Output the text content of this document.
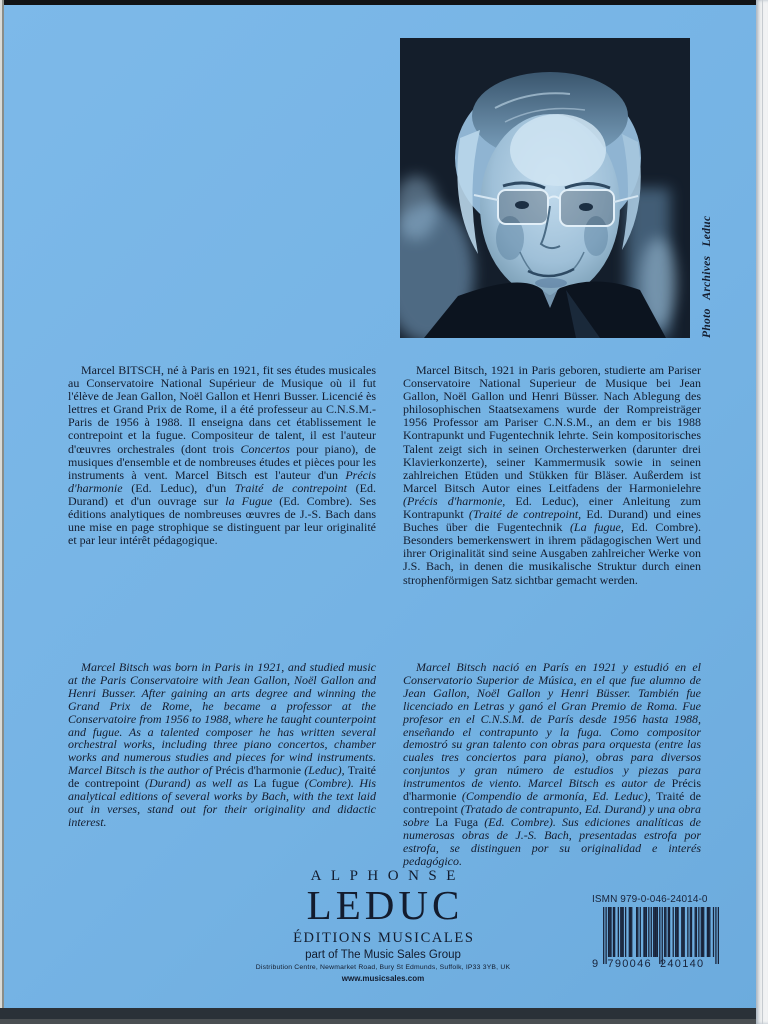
Photo Archives Leduc

Marcel BITSCH, né à Paris en 1921, fit ses études musicales au Conservatoire National Supérieur de Musique où il fut l'élève de Jean Gallon, Noël Gallon et Henri Busser. Licencié ès lettres et Grand Prix de Rome, il a été professeur au C.N.S.M.-Paris de 1956 à 1988. Il enseigna dans cet établissement le contrepoint et la fugue. Compositeur de talent, il est l'auteur d'œuvres orchestrales (dont trois Concertos pour piano), de musiques d'ensemble et de nombreuses études et pièces pour les instruments à vent. Marcel Bitsch est l'auteur d'un Précis d'harmonie (Ed. Leduc), d'un Traité de contrepoint (Ed. Durand) et d'un ouvrage sur la Fugue (Ed. Combre). Ses éditions analytiques de nombreuses œuvres de J.-S. Bach dans une mise en page strophique se distinguent par leur originalité et par leur intérêt pédagogique.

Marcel Bitsch, 1921 in Paris geboren, studierte am Pariser Conservatoire National Superieur de Musique bei Jean Gallon, Noël Gallon und Henri Büsser. Nach Ablegung des philosophischen Staatsexamens wurde der Rompreisträger 1956 Professor am Pariser C.N.S.M., an dem er bis 1988 Kontrapunkt und Fugentechnik lehrte. Sein kompositorisches Talent zeigt sich in seinen Orchesterwerken (darunter drei Klavierkonzerte), seiner Kammermusik sowie in seinen zahlreichen Etüden und Stükken für Bläser. Außerdem ist Marcel Bitsch Autor eines Leitfadens der Harmonielehre (Précis d'harmonie, Ed. Leduc), einer Anleitung zum Kontrapunkt (Traité de contrepoint, Ed. Durand) und eines Buches über die Fugentechnik (La fugue, Ed. Combre). Besonders bemerkenswert in ihrem pädagogischen Wert und ihrer Originalität sind seine Ausgaben zahlreicher Werke von J.S. Bach, in denen die musikalische Struktur durch einen strophenförmigen Satz sichtbar gemacht werden.

Marcel Bitsch was born in Paris in 1921, and studied music at the Paris Conservatoire with Jean Gallon, Noël Gallon and Henri Busser. After gaining an arts degree and winning the Grand Prix de Rome, he became a professor at the Conservatoire from 1956 to 1988, where he taught counterpoint and fugue. As a talented composer he has written several orchestral works, including three piano concertos, chamber works and numerous studies and pieces for wind instruments. Marcel Bitsch is the author of Précis d'harmonie (Leduc), Traité de contrepoint (Durand) as well as La fugue (Combre). His analytical editions of several works by Bach, with the text laid out in verses, stand out for their originality and didactic interest.

Marcel Bitsch nació en París en 1921 y estudió en el Conservatorio Superior de Música, en el que fue alumno de Jean Gallon, Noël Gallon y Henri Büsser. También fue licenciado en Letras y ganó el Gran Premio de Roma. Fue profesor en el C.N.S.M. de París desde 1956 hasta 1988, enseñando el contrapunto y la fuga. Como compositor demostró su gran talento con obras para orquesta (entre las cuales tres conciertos para piano), obras para diversos conjuntos y gran número de estudios y piezas para instrumentos de viento. Marcel Bitsch es autor de Précis d'harmonie (Compendio de armonía, Ed. Leduc), Traité de contrepoint (Tratado de contrapunto, Ed. Durand) y una obra sobre La Fuga (Ed. Combre). Sus ediciones analíticas de numerosas obras de J.-S. Bach, presentadas estrofa por estrofa, se distinguen por su originalidad e interés pedagógico.

ALPHONSE
LEDUC
ÉDITIONS MUSICALES
part of The Music Sales Group
Distribution Centre, Newmarket Road, Bury St Edmunds, Suffolk, IP33 3YB, UK
www.musicsales.com
ISMN 979-0-046-24014-0
9 790046 240140
